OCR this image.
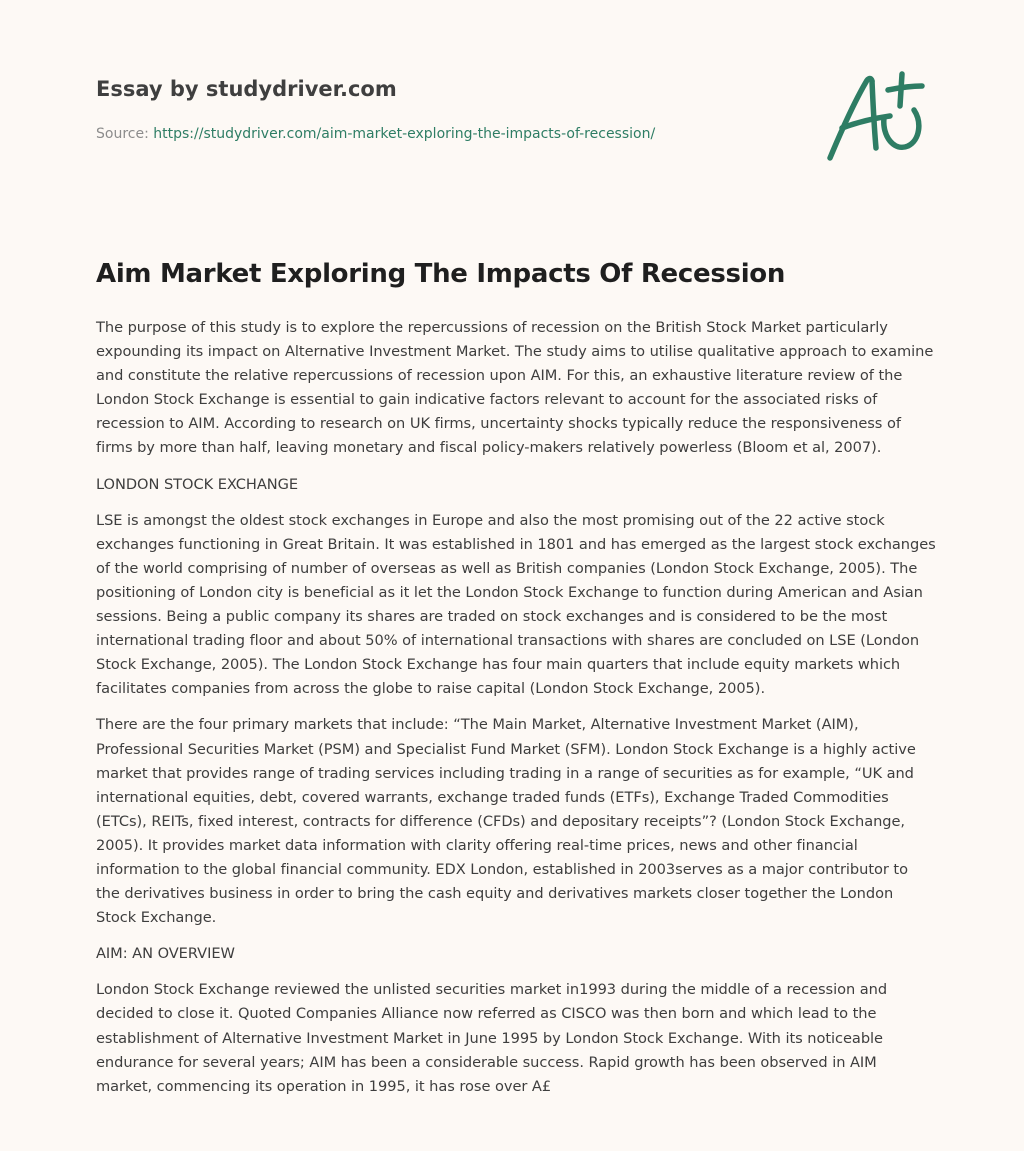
Essay by studydriver.com
Source: https://studydriver.com/aim-market-exploring-the-impacts-of-recession/
Aim Market Exploring The Impacts Of Recession

The purpose of this study is to explore the repercussions of recession on the British Stock Market particularly expounding its impact on Alternative Investment Market. The study aims to utilise qualitative approach to examine and constitute the relative repercussions of recession upon AIM. For this, an exhaustive literature review of the London Stock Exchange is essential to gain indicative factors relevant to account for the associated risks of recession to AIM. According to research on UK firms, uncertainty shocks typically reduce the responsiveness of firms by more than half, leaving monetary and fiscal policy-makers relatively powerless (Bloom et al, 2007).

LONDON STOCK EXCHANGE

LSE is amongst the oldest stock exchanges in Europe and also the most promising out of the 22 active stock exchanges functioning in Great Britain. It was established in 1801 and has emerged as the largest stock exchanges of the world comprising of number of overseas as well as British companies (London Stock Exchange, 2005). The positioning of London city is beneficial as it let the London Stock Exchange to function during American and Asian sessions. Being a public company its shares are traded on stock exchanges and is considered to be the most international trading floor and about 50% of international transactions with shares are concluded on LSE (London Stock Exchange, 2005). The London Stock Exchange has four main quarters that include equity markets which facilitates companies from across the globe to raise capital (London Stock Exchange, 2005).

There are the four primary markets that include: “The Main Market, Alternative Investment Market (AIM), Professional Securities Market (PSM) and Specialist Fund Market (SFM). London Stock Exchange is a highly active market that provides range of trading services including trading in a range of securities as for example, “UK and international equities, debt, covered warrants, exchange traded funds (ETFs), Exchange Traded Commodities (ETCs), REITs, fixed interest, contracts for difference (CFDs) and depositary receipts”? (London Stock Exchange, 2005). It provides market data information with clarity offering real-time prices, news and other financial information to the global financial community. EDX London, established in 2003serves as a major contributor to the derivatives business in order to bring the cash equity and derivatives markets closer together the London Stock Exchange.

AIM: AN OVERVIEW

London Stock Exchange reviewed the unlisted securities market in1993 during the middle of a recession and decided to close it. Quoted Companies Alliance now referred as CISCO was then born and which lead to the establishment of Alternative Investment Market in June 1995 by London Stock Exchange. With its noticeable endurance for several years; AIM has been a considerable success. Rapid growth has been observed in AIM market, commencing its operation in 1995, it has rose over A£
